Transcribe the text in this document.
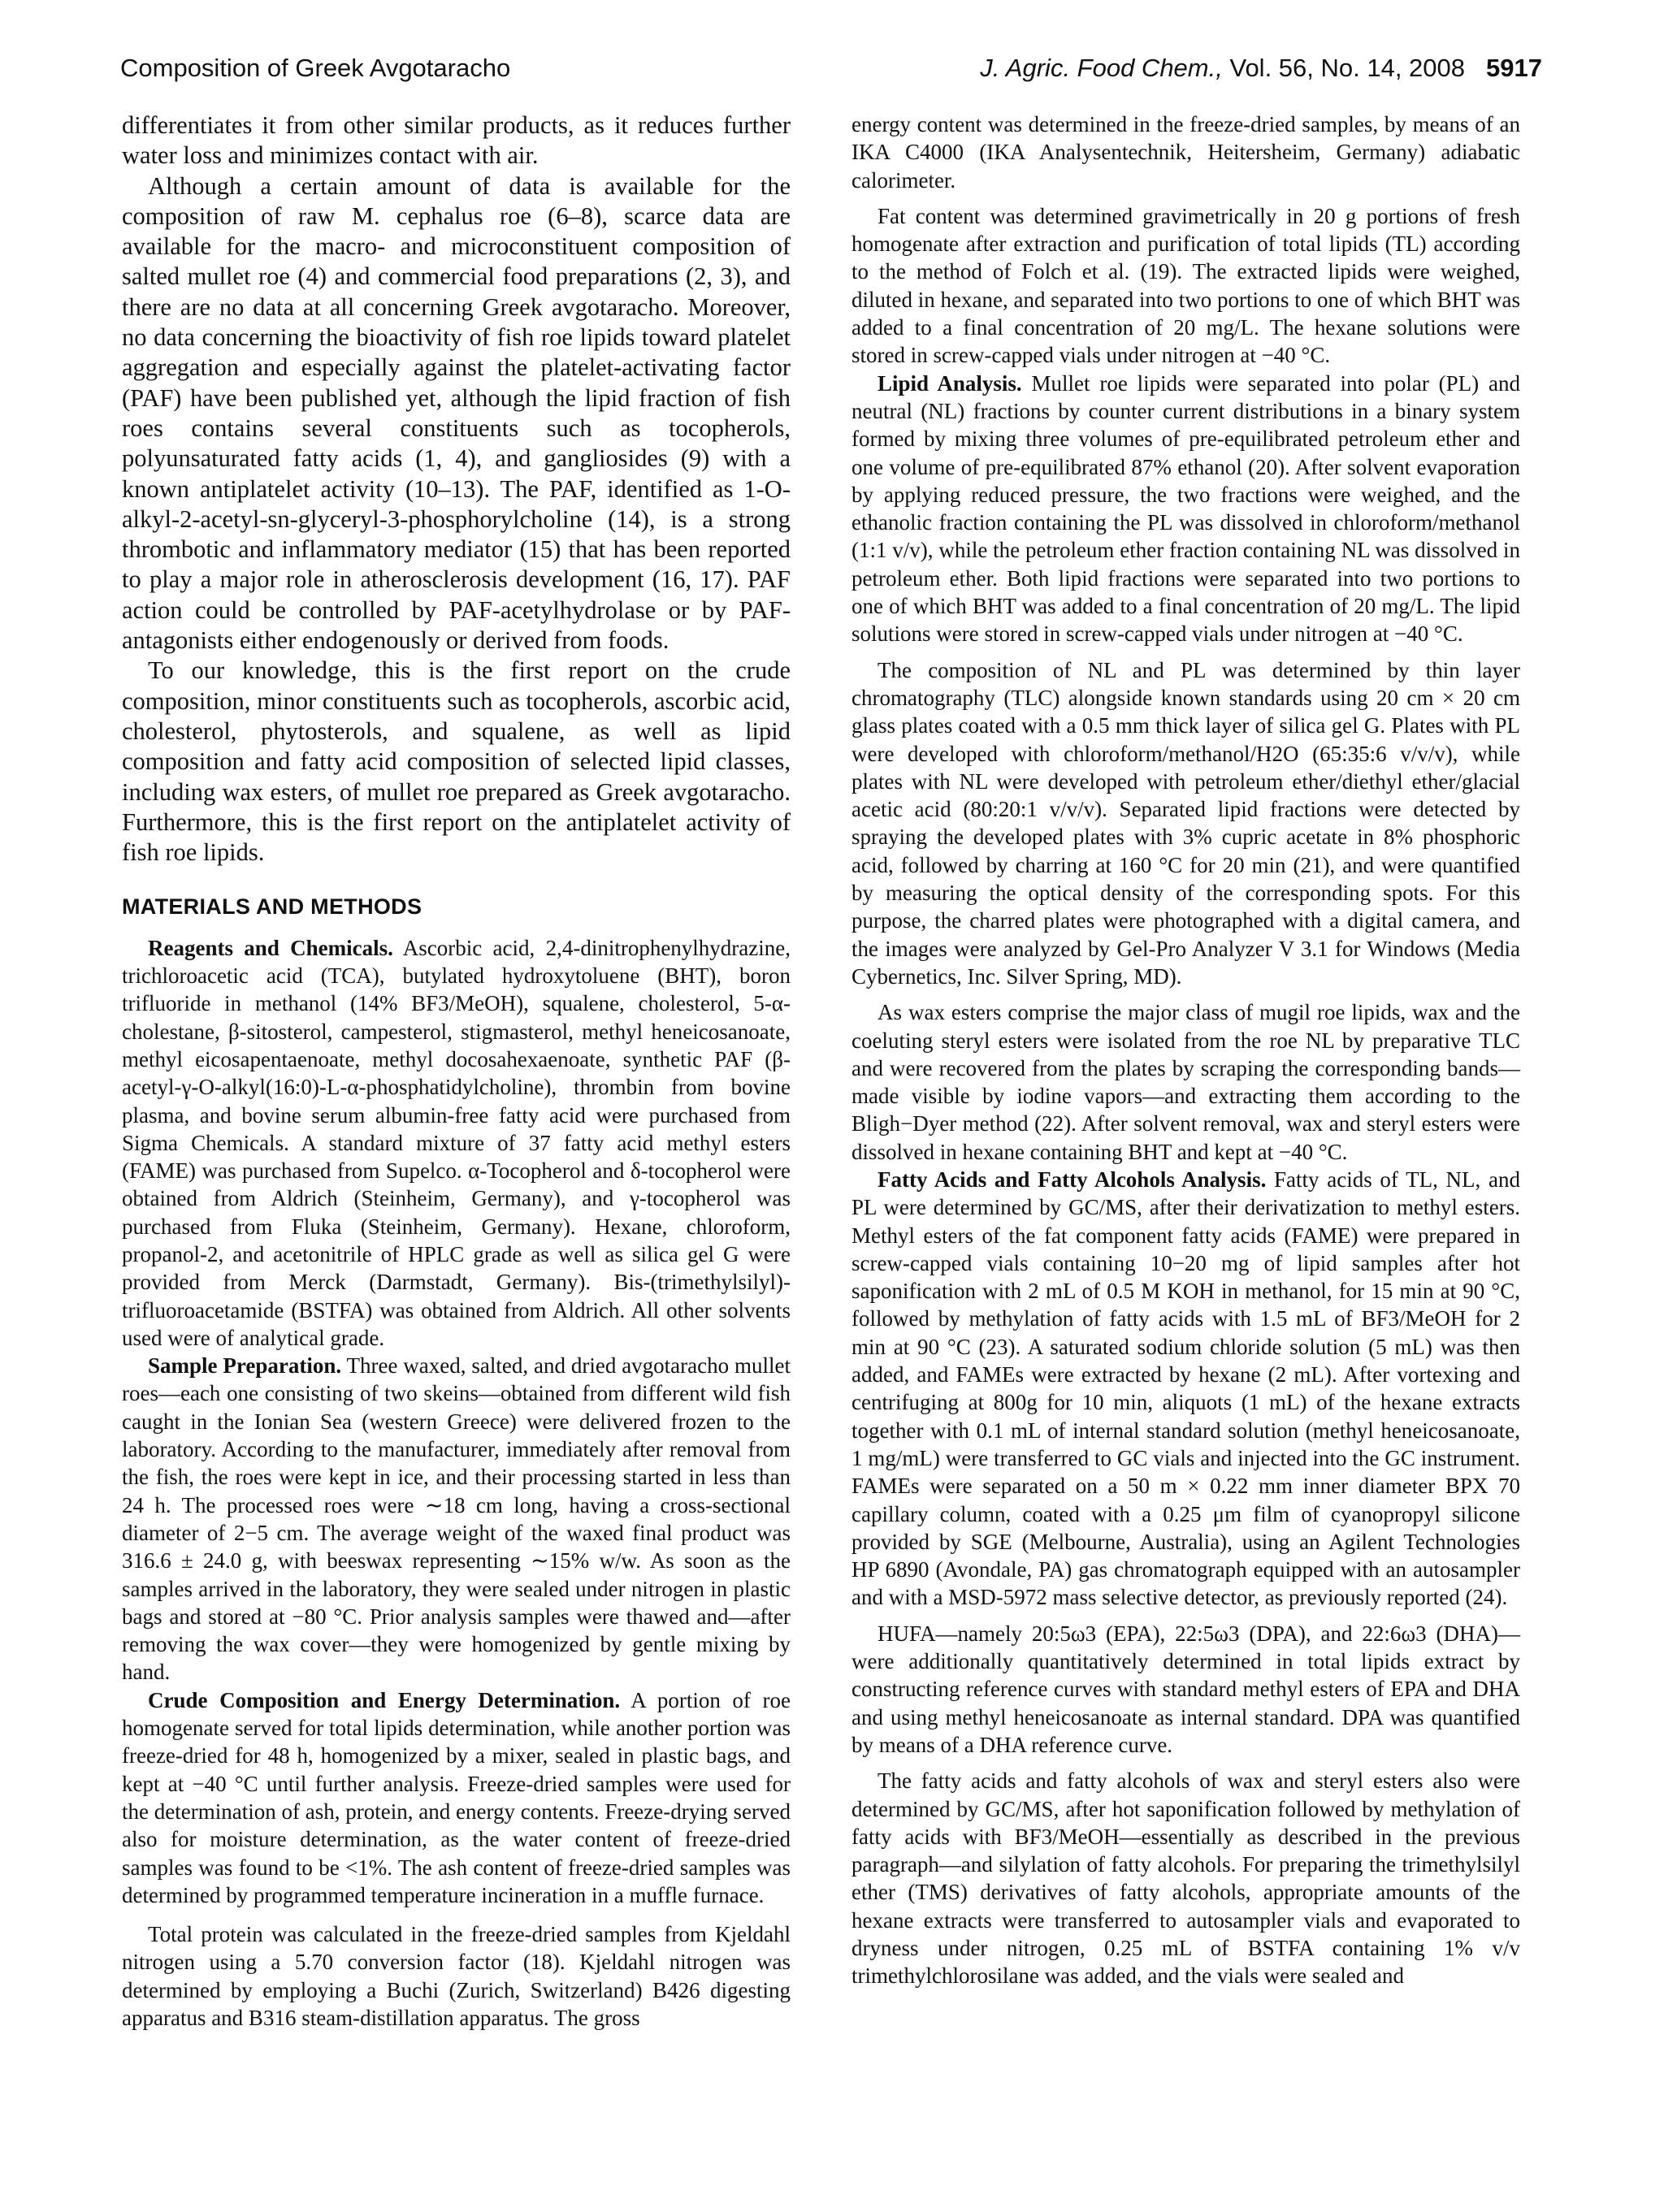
Composition of Greek Avgotaracho	J. Agric. Food Chem., Vol. 56, No. 14, 2008 5917

differentiates it from other similar products, as it reduces further water loss and minimizes contact with air.

Although a certain amount of data is available for the composition of raw M. cephalus roe (6–8), scarce data are available for the macro- and microconstituent composition of salted mullet roe (4) and commercial food preparations (2, 3), and there are no data at all concerning Greek avgotaracho. Moreover, no data concerning the bioactivity of fish roe lipids toward platelet aggregation and especially against the platelet-activating factor (PAF) have been published yet, although the lipid fraction of fish roes contains several constituents such as tocopherols, polyunsaturated fatty acids (1, 4), and gangliosides (9) with a known antiplatelet activity (10–13). The PAF, identified as 1-O-alkyl-2-acetyl-sn-glyceryl-3-phosphorylcholine (14), is a strong thrombotic and inflammatory mediator (15) that has been reported to play a major role in atherosclerosis development (16, 17). PAF action could be controlled by PAF-acetylhydrolase or by PAF-antagonists either endogenously or derived from foods.

To our knowledge, this is the first report on the crude composition, minor constituents such as tocopherols, ascorbic acid, cholesterol, phytosterols, and squalene, as well as lipid composition and fatty acid composition of selected lipid classes, including wax esters, of mullet roe prepared as Greek avgotaracho. Furthermore, this is the first report on the antiplatelet activity of fish roe lipids.

MATERIALS AND METHODS

Reagents and Chemicals. Ascorbic acid, 2,4-dinitrophenylhydrazine, trichloroacetic acid (TCA), butylated hydroxytoluene (BHT), boron trifluoride in methanol (14% BF3/MeOH), squalene, cholesterol, 5-α-cholestane, β-sitosterol, campesterol, stigmasterol, methyl heneicosanoate, methyl eicosapentaenoate, methyl docosahexaenoate, synthetic PAF (β-acetyl-γ-O-alkyl(16:0)-L-α-phosphatidylcholine), thrombin from bovine plasma, and bovine serum albumin-free fatty acid were purchased from Sigma Chemicals. A standard mixture of 37 fatty acid methyl esters (FAME) was purchased from Supelco. α-Tocopherol and δ-tocopherol were obtained from Aldrich (Steinheim, Germany), and γ-tocopherol was purchased from Fluka (Steinheim, Germany). Hexane, chloroform, propanol-2, and acetonitrile of HPLC grade as well as silica gel G were provided from Merck (Darmstadt, Germany). Bis-(trimethylsilyl)-trifluoroacetamide (BSTFA) was obtained from Aldrich. All other solvents used were of analytical grade.

Sample Preparation. Three waxed, salted, and dried avgotaracho mullet roes—each one consisting of two skeins—obtained from different wild fish caught in the Ionian Sea (western Greece) were delivered frozen to the laboratory. According to the manufacturer, immediately after removal from the fish, the roes were kept in ice, and their processing started in less than 24 h. The processed roes were ∼18 cm long, having a cross-sectional diameter of 2−5 cm. The average weight of the waxed final product was 316.6 ± 24.0 g, with beeswax representing ∼15% w/w. As soon as the samples arrived in the laboratory, they were sealed under nitrogen in plastic bags and stored at −80 °C. Prior analysis samples were thawed and—after removing the wax cover—they were homogenized by gentle mixing by hand.

Crude Composition and Energy Determination. A portion of roe homogenate served for total lipids determination, while another portion was freeze-dried for 48 h, homogenized by a mixer, sealed in plastic bags, and kept at −40 °C until further analysis. Freeze-dried samples were used for the determination of ash, protein, and energy contents. Freeze-drying served also for moisture determination, as the water content of freeze-dried samples was found to be <1%. The ash content of freeze-dried samples was determined by programmed temperature incineration in a muffle furnace.

Total protein was calculated in the freeze-dried samples from Kjeldahl nitrogen using a 5.70 conversion factor (18). Kjeldahl nitrogen was determined by employing a Buchi (Zurich, Switzerland) B426 digesting apparatus and B316 steam-distillation apparatus. The gross

energy content was determined in the freeze-dried samples, by means of an IKA C4000 (IKA Analysentechnik, Heitersheim, Germany) adiabatic calorimeter.

Fat content was determined gravimetrically in 20 g portions of fresh homogenate after extraction and purification of total lipids (TL) according to the method of Folch et al. (19). The extracted lipids were weighed, diluted in hexane, and separated into two portions to one of which BHT was added to a final concentration of 20 mg/L. The hexane solutions were stored in screw-capped vials under nitrogen at −40 °C.

Lipid Analysis. Mullet roe lipids were separated into polar (PL) and neutral (NL) fractions by counter current distributions in a binary system formed by mixing three volumes of pre-equilibrated petroleum ether and one volume of pre-equilibrated 87% ethanol (20). After solvent evaporation by applying reduced pressure, the two fractions were weighed, and the ethanolic fraction containing the PL was dissolved in chloroform/methanol (1:1 v/v), while the petroleum ether fraction containing NL was dissolved in petroleum ether. Both lipid fractions were separated into two portions to one of which BHT was added to a final concentration of 20 mg/L. The lipid solutions were stored in screw-capped vials under nitrogen at −40 °C.

The composition of NL and PL was determined by thin layer chromatography (TLC) alongside known standards using 20 cm × 20 cm glass plates coated with a 0.5 mm thick layer of silica gel G. Plates with PL were developed with chloroform/methanol/H2O (65:35:6 v/v/v), while plates with NL were developed with petroleum ether/diethyl ether/glacial acetic acid (80:20:1 v/v/v). Separated lipid fractions were detected by spraying the developed plates with 3% cupric acetate in 8% phosphoric acid, followed by charring at 160 °C for 20 min (21), and were quantified by measuring the optical density of the corresponding spots. For this purpose, the charred plates were photographed with a digital camera, and the images were analyzed by Gel-Pro Analyzer V 3.1 for Windows (Media Cybernetics, Inc. Silver Spring, MD).

As wax esters comprise the major class of mugil roe lipids, wax and the coeluting steryl esters were isolated from the roe NL by preparative TLC and were recovered from the plates by scraping the corresponding bands—made visible by iodine vapors—and extracting them according to the Bligh−Dyer method (22). After solvent removal, wax and steryl esters were dissolved in hexane containing BHT and kept at −40 °C.

Fatty Acids and Fatty Alcohols Analysis. Fatty acids of TL, NL, and PL were determined by GC/MS, after their derivatization to methyl esters. Methyl esters of the fat component fatty acids (FAME) were prepared in screw-capped vials containing 10−20 mg of lipid samples after hot saponification with 2 mL of 0.5 M KOH in methanol, for 15 min at 90 °C, followed by methylation of fatty acids with 1.5 mL of BF3/MeOH for 2 min at 90 °C (23). A saturated sodium chloride solution (5 mL) was then added, and FAMEs were extracted by hexane (2 mL). After vortexing and centrifuging at 800g for 10 min, aliquots (1 mL) of the hexane extracts together with 0.1 mL of internal standard solution (methyl heneicosanoate, 1 mg/mL) were transferred to GC vials and injected into the GC instrument. FAMEs were separated on a 50 m × 0.22 mm inner diameter BPX 70 capillary column, coated with a 0.25 μm film of cyanopropyl silicone provided by SGE (Melbourne, Australia), using an Agilent Technologies HP 6890 (Avondale, PA) gas chromatograph equipped with an autosampler and with a MSD-5972 mass selective detector, as previously reported (24).

HUFA—namely 20:5ω3 (EPA), 22:5ω3 (DPA), and 22:6ω3 (DHA)—were additionally quantitatively determined in total lipids extract by constructing reference curves with standard methyl esters of EPA and DHA and using methyl heneicosanoate as internal standard. DPA was quantified by means of a DHA reference curve.

The fatty acids and fatty alcohols of wax and steryl esters also were determined by GC/MS, after hot saponification followed by methylation of fatty acids with BF3/MeOH—essentially as described in the previous paragraph—and silylation of fatty alcohols. For preparing the trimethylsilyl ether (TMS) derivatives of fatty alcohols, appropriate amounts of the hexane extracts were transferred to autosampler vials and evaporated to dryness under nitrogen, 0.25 mL of BSTFA containing 1% v/v trimethylchlorosilane was added, and the vials were sealed and
